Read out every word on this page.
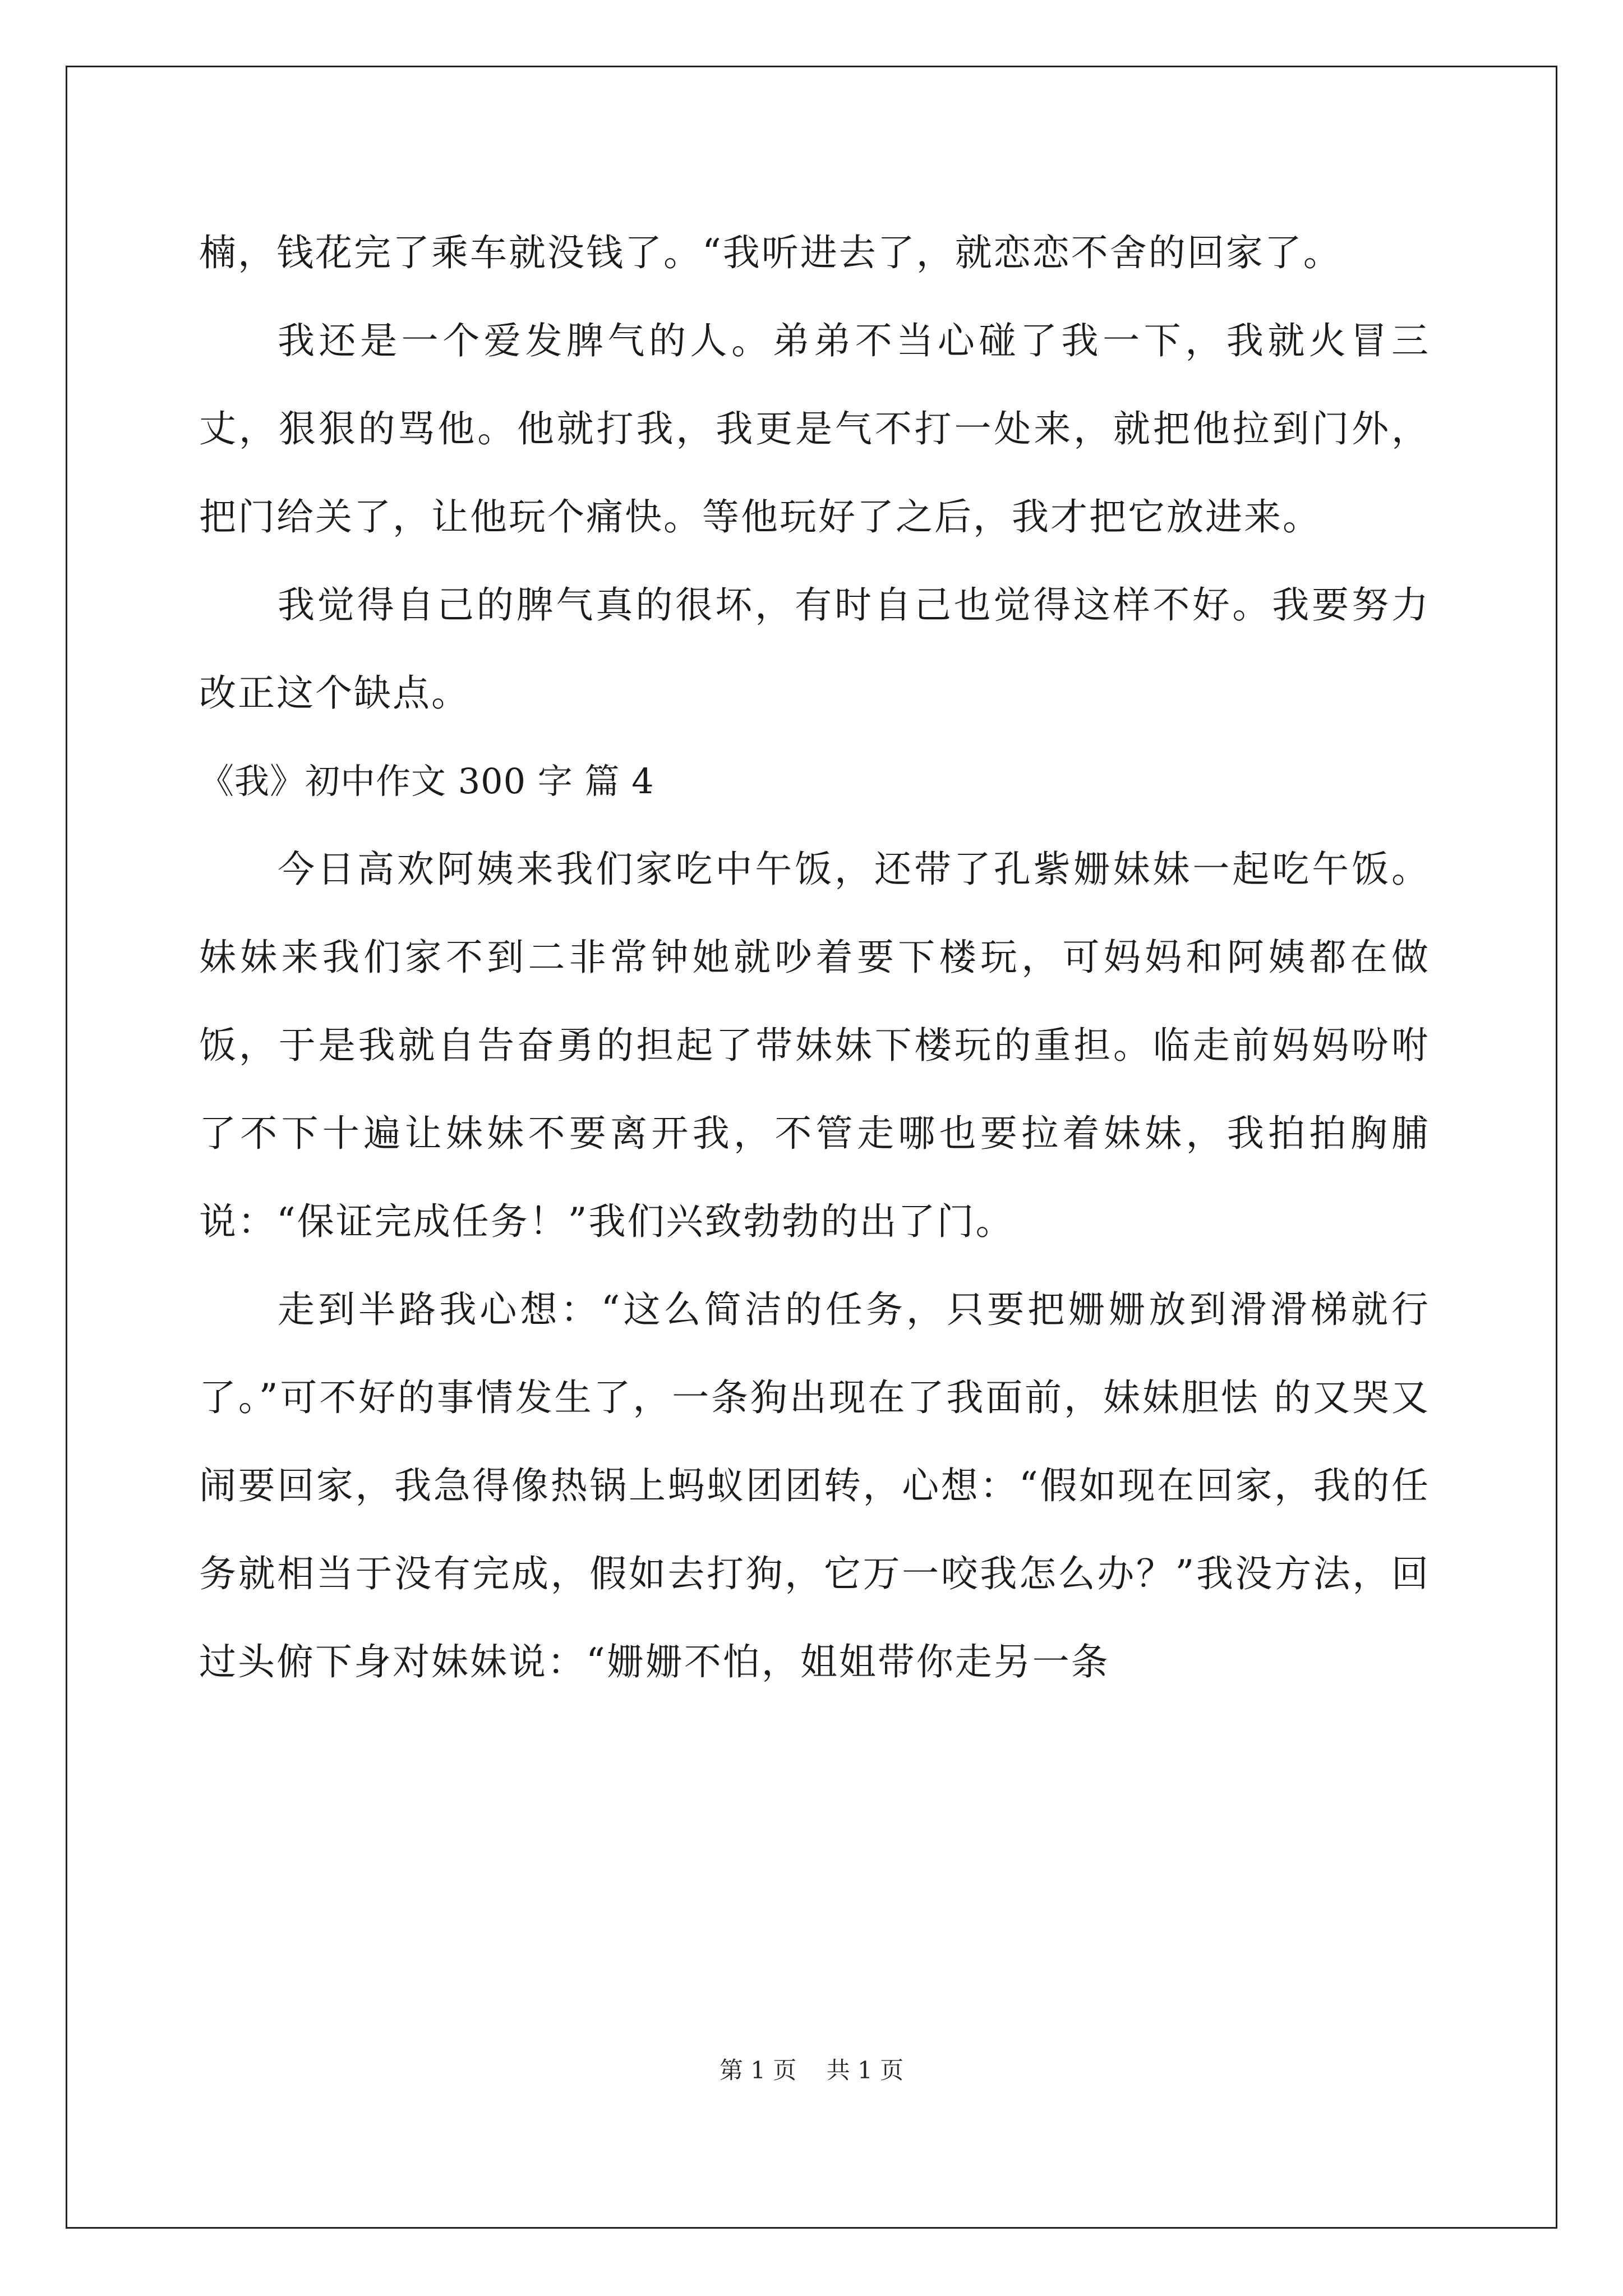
楠，钱花完了乘车就没钱了。“我听进去了，就恋恋不舍的回家了。

我还是一个爱发脾气的人。弟弟不当心碰了我一下，我就火冒三丈，狠狠的骂他。他就打我，我更是气不打一处来，就把他拉到门外，把门给关了，让他玩个痛快。等他玩好了之后，我才把它放进来。

我觉得自己的脾气真的很坏，有时自己也觉得这样不好。我要努力改正这个缺点。

《我》初中作文 300 字 篇 4

今日高欢阿姨来我们家吃中午饭，还带了孔紫姗妹妹一起吃午饭。妹妹来我们家不到二非常钟她就吵着要下楼玩，可妈妈和阿姨都在做饭，于是我就自告奋勇的担起了带妹妹下楼玩的重担。临走前妈妈吩咐了不下十遍让妹妹不要离开我，不管走哪也要拉着妹妹，我拍拍胸脯说：“保证完成任务！”我们兴致勃勃的出了门。

走到半路我心想：“这么简洁的任务，只要把姗姗放到滑滑梯就行了。”可不好的事情发生了，一条狗出现在了我面前，妹妹胆怯 的又哭又闹要回家，我急得像热锅上蚂蚁团团转，心想：“假如现在回家，我的任务就相当于没有完成，假如去打狗，它万一咬我怎么办？”我没方法，回过头俯下身对妹妹说：“姗姗不怕，姐姐带你走另一条

第 1 页 共 1 页
